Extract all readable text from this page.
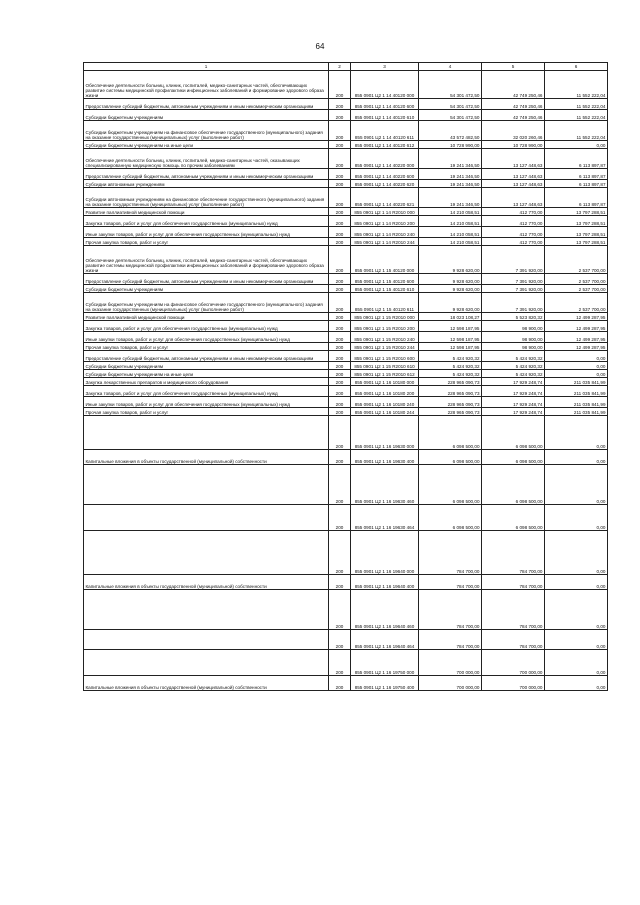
64
1	2	3	4	5	6
Обеспечение деятельности больниц, клиник, госпиталей, медико-санитарных частей, обеспечивающих развитие системы медицинской профилактики инфекционных заболеваний и формирование здорового образа жизни	200	855 0901 Ц2 1 14 40120 000	54 301 472,50	42 749 250,46	11 552 222,04
Предоставление субсидий бюджетным, автономным учреждениям и иным некоммерческим организациям	200	855 0901 Ц2 1 14 40120 600	54 301 472,50	42 749 250,46	11 552 222,04
Субсидии бюджетным учреждениям	200	855 0901 Ц2 1 14 40120 610	54 301 472,50	42 749 250,46	11 552 222,04
Субсидии бюджетным учреждениям на финансовое обеспечение государственного (муниципального) задания на оказание государственных (муниципальных) услуг (выполнение работ)	200	855 0901 Ц2 1 14 40120 611	43 572 482,50	32 020 260,46	11 552 222,04
Субсидии бюджетным учреждениям на иные цели	200	855 0901 Ц2 1 14 40120 612	10 728 990,00	10 728 990,00	0,00
Обеспечение деятельности больниц, клиник, госпиталей, медико-санитарных частей, оказывающих специализированную медицинскую помощь по прочим заболеваниям	200	855 0901 Ц2 1 14 40220 000	19 241 346,50	13 127 448,63	6 113 897,87
Предоставление субсидий бюджетным, автономным учреждениям и иным некоммерческим организациям	200	855 0901 Ц2 1 14 40220 600	19 241 346,50	13 127 448,63	6 113 897,87
Субсидии автономным учреждениям	200	855 0901 Ц2 1 14 40220 620	19 241 346,50	13 127 448,63	6 113 897,87
Субсидии автономным учреждениям на финансовое обеспечение государственного (муниципального) задания на оказание государственных (муниципальных) услуг (выполнение работ)	200	855 0901 Ц2 1 14 40220 621	19 241 346,50	13 127 448,63	6 113 897,87
Развитие паллиативной медицинской помощи	200	855 0901 Ц2 1 14 R2010 000	14 210 058,51	412 770,00	13 797 288,51
Закупка товаров, работ и услуг для обеспечения государственных (муниципальных) нужд	200	855 0901 Ц2 1 14 R2010 200	14 210 058,51	412 770,00	13 797 288,51
Иные закупки товаров, работ и услуг для обеспечения государственных (муниципальных) нужд	200	855 0901 Ц2 1 14 R2010 240	14 210 058,51	412 770,00	13 797 288,51
Прочая закупка товаров, работ и услуг	200	855 0901 Ц2 1 14 R2010 244	14 210 058,51	412 770,00	13 797 288,51
Обеспечение деятельности больниц, клиник, госпиталей, медико-санитарных частей, обеспечивающих развитие системы медицинской профилактики инфекционных заболеваний и формирование здорового образа жизни	200	855 0901 Ц2 1 15 40120 000	9 928 620,00	7 391 920,00	2 537 700,00
Предоставление субсидий бюджетным, автономным учреждениям и иным некоммерческим организациям	200	855 0901 Ц2 1 15 40120 600	9 928 620,00	7 391 920,00	2 537 700,00
Субсидии бюджетным учреждениям	200	855 0901 Ц2 1 15 40120 610	9 928 620,00	7 391 920,00	2 537 700,00
Субсидии бюджетным учреждениям на финансовое обеспечение государственного (муниципального) задания на оказание государственных (муниципальных) услуг (выполнение работ)	200	855 0901 Ц2 1 15 40120 611	9 928 620,00	7 391 920,00	2 537 700,00
Развитие паллиативной медицинской помощи	200	855 0901 Ц2 1 15 R2010 000	18 023 108,27	5 523 820,32	12 499 287,95
Закупка товаров, работ и услуг для обеспечения государственных (муниципальных) нужд	200	855 0901 Ц2 1 15 R2010 200	12 598 187,95	98 900,00	12 499 287,95
Иные закупки товаров, работ и услуг для обеспечения государственных (муниципальных) нужд	200	855 0901 Ц2 1 15 R2010 240	12 598 187,95	98 900,00	12 499 287,95
Прочая закупка товаров, работ и услуг	200	855 0901 Ц2 1 15 R2010 244	12 598 187,95	98 900,00	12 499 287,95
Предоставление субсидий бюджетным, автономным учреждениям и иным некоммерческим организациям	200	855 0901 Ц2 1 15 R2010 600	5 424 920,32	5 424 920,32	0,00
Субсидии бюджетным учреждениям	200	855 0901 Ц2 1 15 R2010 610	5 424 920,32	5 424 920,32	0,00
Субсидии бюджетным учреждениям на иные цели	200	855 0901 Ц2 1 15 R2010 612	5 424 920,32	5 424 920,32	0,00
Закупка лекарственных препаратов и медицинского оборудования	200	855 0901 Ц2 1 16 10180 000	228 965 090,73	17 929 248,74	211 035 841,99
Закупка товаров, работ и услуг для обеспечения государственных (муниципальных) нужд	200	855 0901 Ц2 1 16 10180 200	228 965 090,73	17 929 248,74	211 035 841,99
Иные закупки товаров, работ и услуг для обеспечения государственных (муниципальных) нужд	200	855 0901 Ц2 1 16 10180 240	228 965 090,73	17 929 248,74	211 035 841,99
Прочая закупка товаров, работ и услуг	200	855 0901 Ц2 1 16 10180 244	228 965 090,73	17 929 248,74	211 035 841,99
	200	855 0901 Ц2 1 16 19630 000	6 098 500,00	6 098 500,00	0,00
Капитальные вложения в объекты государственной (муниципальной) собственности	200	855 0901 Ц2 1 16 19630 400	6 098 500,00	6 098 500,00	0,00
	200	855 0901 Ц2 1 16 19630 460	6 098 500,00	6 098 500,00	0,00
	200	855 0901 Ц2 1 16 19630 464	6 098 500,00	6 098 500,00	0,00
	200	855 0901 Ц2 1 16 19640 000	784 700,00	784 700,00	0,00
Капитальные вложения в объекты государственной (муниципальной) собственности	200	855 0901 Ц2 1 16 19640 400	784 700,00	784 700,00	0,00
	200	855 0901 Ц2 1 16 19640 460	784 700,00	784 700,00	0,00
	200	855 0901 Ц2 1 16 19640 464	784 700,00	784 700,00	0,00
	200	855 0901 Ц2 1 16 19750 000	700 000,00	700 000,00	0,00
Капитальные вложения в объекты государственной (муниципальной) собственности	200	855 0901 Ц2 1 16 19750 400	700 000,00	700 000,00	0,00
